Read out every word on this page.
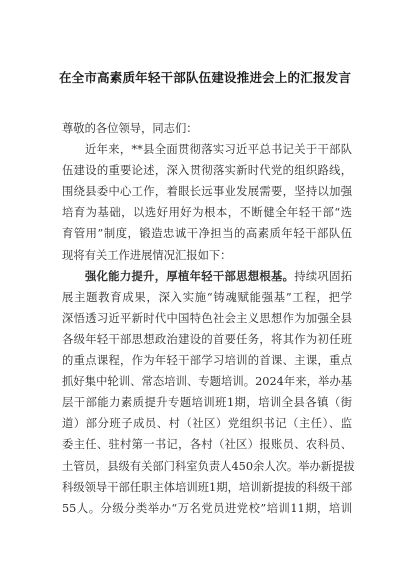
在全市高素质年轻干部队伍建设推进会上的汇报发言
尊敬的各位领导，同志们：
近年来，**县全面贯彻落实习近平总书记关于干部队
伍建设的重要论述，深入贯彻落实新时代党的组织路线，
围绕县委中心工作，着眼长远事业发展需要，坚持以加强
培育为基础，以选好用好为根本，不断健全年轻干部“选
育管用”制度，锻造忠诚干净担当的高素质年轻干部队伍
现将有关工作进展情况汇报如下：
强化能力提升，厚植年轻干部思想根基。持续巩固拓
展主题教育成果，深入实施“铸魂赋能强基”工程，把学
深悟透习近平新时代中国特色社会主义思想作为加强全县
各级年轻干部思想政治建设的首要任务，将其作为初任班
的重点课程，作为年轻干部学习培训的首课、主课，重点
抓好集中轮训、常态培训、专题培训。2024年来，举办基
层干部能力素质提升专题培训班1期，培训全县各镇（街
道）部分班子成员、村（社区）党组织书记（主任）、监
委主任、驻村第一书记，各村（社区）报账员、农科员、
土管员，县级有关部门科室负责人450余人次。举办新提拔
科级领导干部任职主体培训班1期，培训新提拔的科级干部
55人。分级分类举办“万名党员进党校”培训11期，培训
